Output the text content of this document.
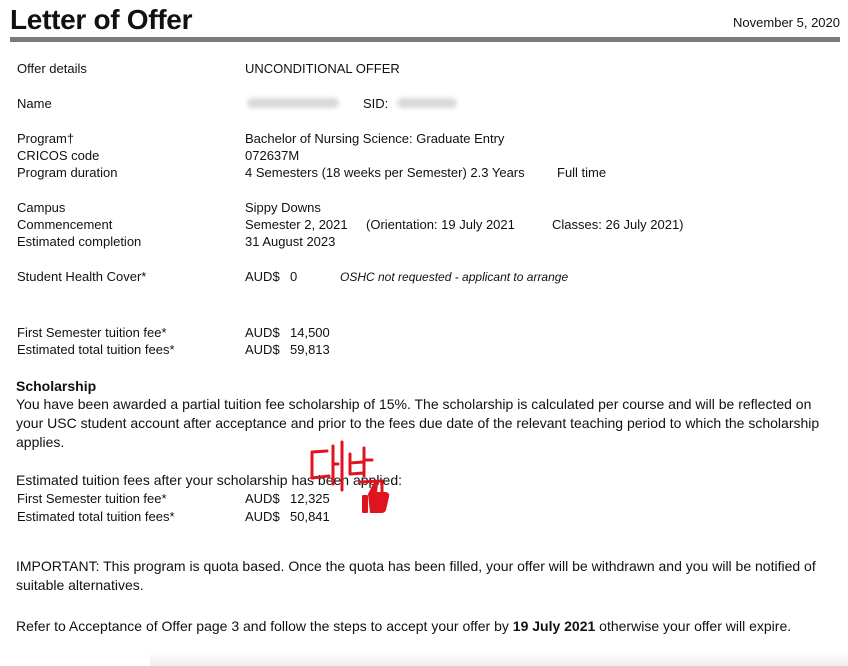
Letter of Offer	November 5, 2020
Offer details	UNCONDITIONAL OFFER
Name	SID:
Program†	Bachelor of Nursing Science: Graduate Entry
CRICOS code	072637M
Program duration	4 Semesters (18 weeks per Semester) 2.3 Years Full time
Campus	Sippy Downs
Commencement	Semester 2, 2021 (Orientation: 19 July 2021	Classes: 26 July 2021)
Estimated completion	31 August 2023
Student Health Cover*	AUD$ 0	OSHC not requested - applicant to arrange
First Semester tuition fee*	AUD$ 14,500
Estimated total tuition fees*	AUD$ 59,813
Scholarship
You have been awarded a partial tuition fee scholarship of 15%. The scholarship is calculated per course and will be reflected on your USC student account after acceptance and prior to the fees due date of the relevant teaching period to which the scholarship applies.
Estimated tuition fees after your scholarship has been applied:
First Semester tuition fee*	AUD$ 12,325
Estimated total tuition fees*	AUD$ 50,841
IMPORTANT: This program is quota based. Once the quota has been filled, your offer will be withdrawn and you will be notified of suitable alternatives.
Refer to Acceptance of Offer page 3 and follow the steps to accept your offer by 19 July 2021 otherwise your offer will expire.
